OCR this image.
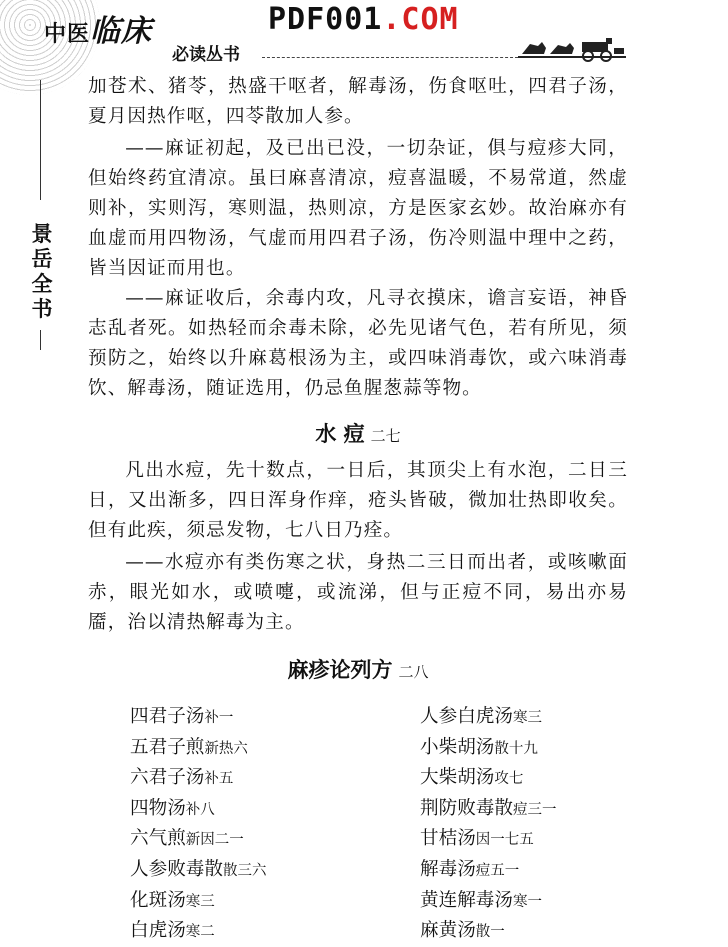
中医临床
必读丛书
PDF001.COM
景岳全书
加苍术、猪苓，热盛干呕者，解毒汤，伤食呕吐，四君子汤，夏月因热作呕，四苓散加人参。
——麻证初起，及已出已没，一切杂证，俱与痘疹大同，但始终药宜清凉。虽曰麻喜清凉，痘喜温暖，不易常道，然虚则补，实则泻，寒则温，热则凉，方是医家玄妙。故治麻亦有血虚而用四物汤，气虚而用四君子汤，伤冷则温中理中之药，皆当因证而用也。
——麻证收后，余毒内攻，凡寻衣摸床，谵言妄语，神昏志乱者死。如热轻而余毒未除，必先见诸气色，若有所见，须预防之，始终以升麻葛根汤为主，或四味消毒饮，或六味消毒饮、解毒汤，随证选用，仍忌鱼腥葱蒜等物。
水 痘 二七
凡出水痘，先十数点，一日后，其顶尖上有水泡，二日三日，又出渐多，四日浑身作痒，疮头皆破，微加壮热即收矣。但有此疾，须忌发物，七八日乃痊。
——水痘亦有类伤寒之状，身热二三日而出者，或咳嗽面赤，眼光如水，或喷嚏，或流涕，但与正痘不同，易出亦易靥，治以清热解毒为主。
麻疹论列方 二八
四君子汤补一
五君子煎新热六
六君子汤补五
四物汤补八
六气煎新因二一
人参败毒散散三六
化斑汤寒三
白虎汤寒二
人参白虎汤寒三
小柴胡汤散十九
大柴胡汤攻七
荆防败毒散痘三一
甘桔汤因一七五
解毒汤痘五一
黄连解毒汤寒一
麻黄汤散一
